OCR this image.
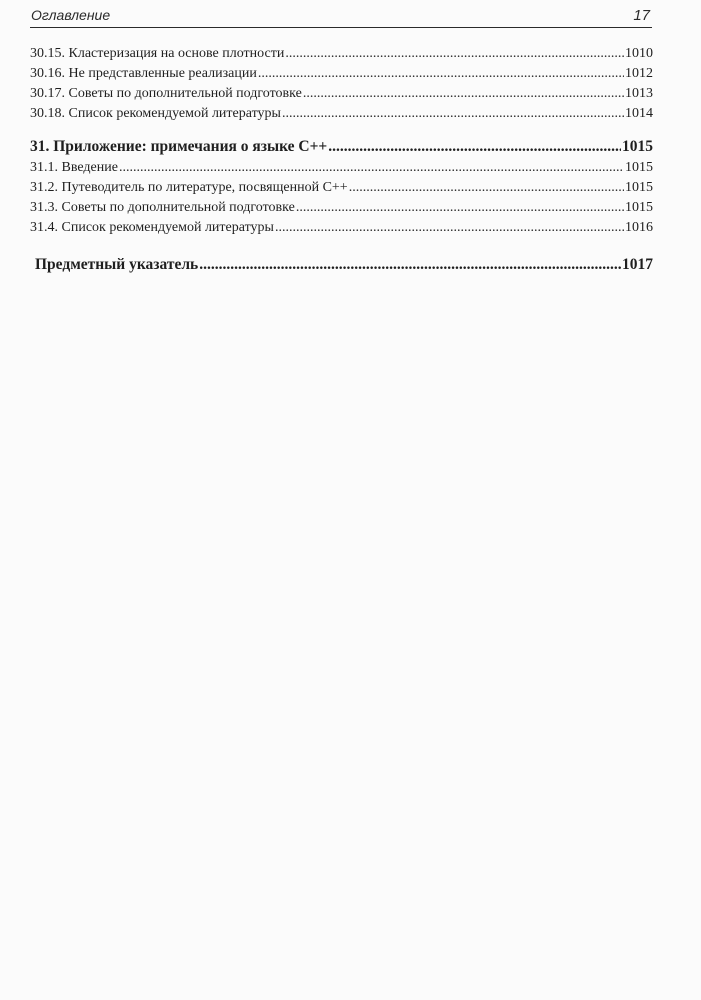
Оглавление	17
30.15. Кластеризация на основе плотности .....	1010
30.16. Не представленные реализации .....	1012
30.17. Советы по дополнительной подготовке .....	1013
30.18. Список рекомендуемой литературы .....	1014
31. Приложение: примечания о языке C++ .....	1015
31.1. Введение .....	1015
31.2. Путеводитель по литературе, посвященной C++ .....	1015
31.3. Советы по дополнительной подготовке .....	1015
31.4. Список рекомендуемой литературы .....	1016
Предметный указатель .....	1017
